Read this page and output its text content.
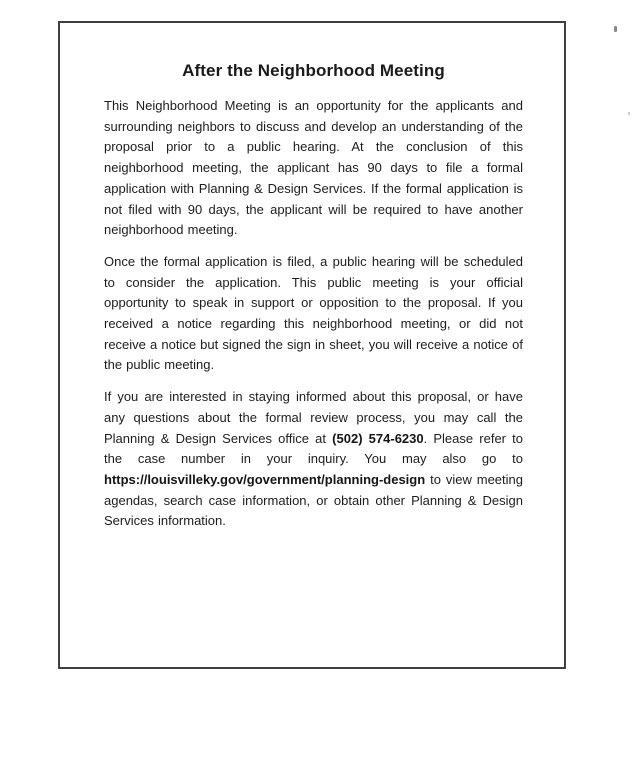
After the Neighborhood Meeting

This Neighborhood Meeting is an opportunity for the applicants and surrounding neighbors to discuss and develop an understanding of the proposal prior to a public hearing. At the conclusion of this neighborhood meeting, the applicant has 90 days to file a formal application with Planning & Design Services. If the formal application is not filed with 90 days, the applicant will be required to have another neighborhood meeting.

Once the formal application is filed, a public hearing will be scheduled to consider the application. This public meeting is your official opportunity to speak in support or opposition to the proposal. If you received a notice regarding this neighborhood meeting, or did not receive a notice but signed the sign in sheet, you will receive a notice of the public meeting.

If you are interested in staying informed about this proposal, or have any questions about the formal review process, you may call the Planning & Design Services office at (502) 574-6230. Please refer to the case number in your inquiry. You may also go to https://louisvilleky.gov/government/planning-design to view meeting agendas, search case information, or obtain other Planning & Design Services information.
